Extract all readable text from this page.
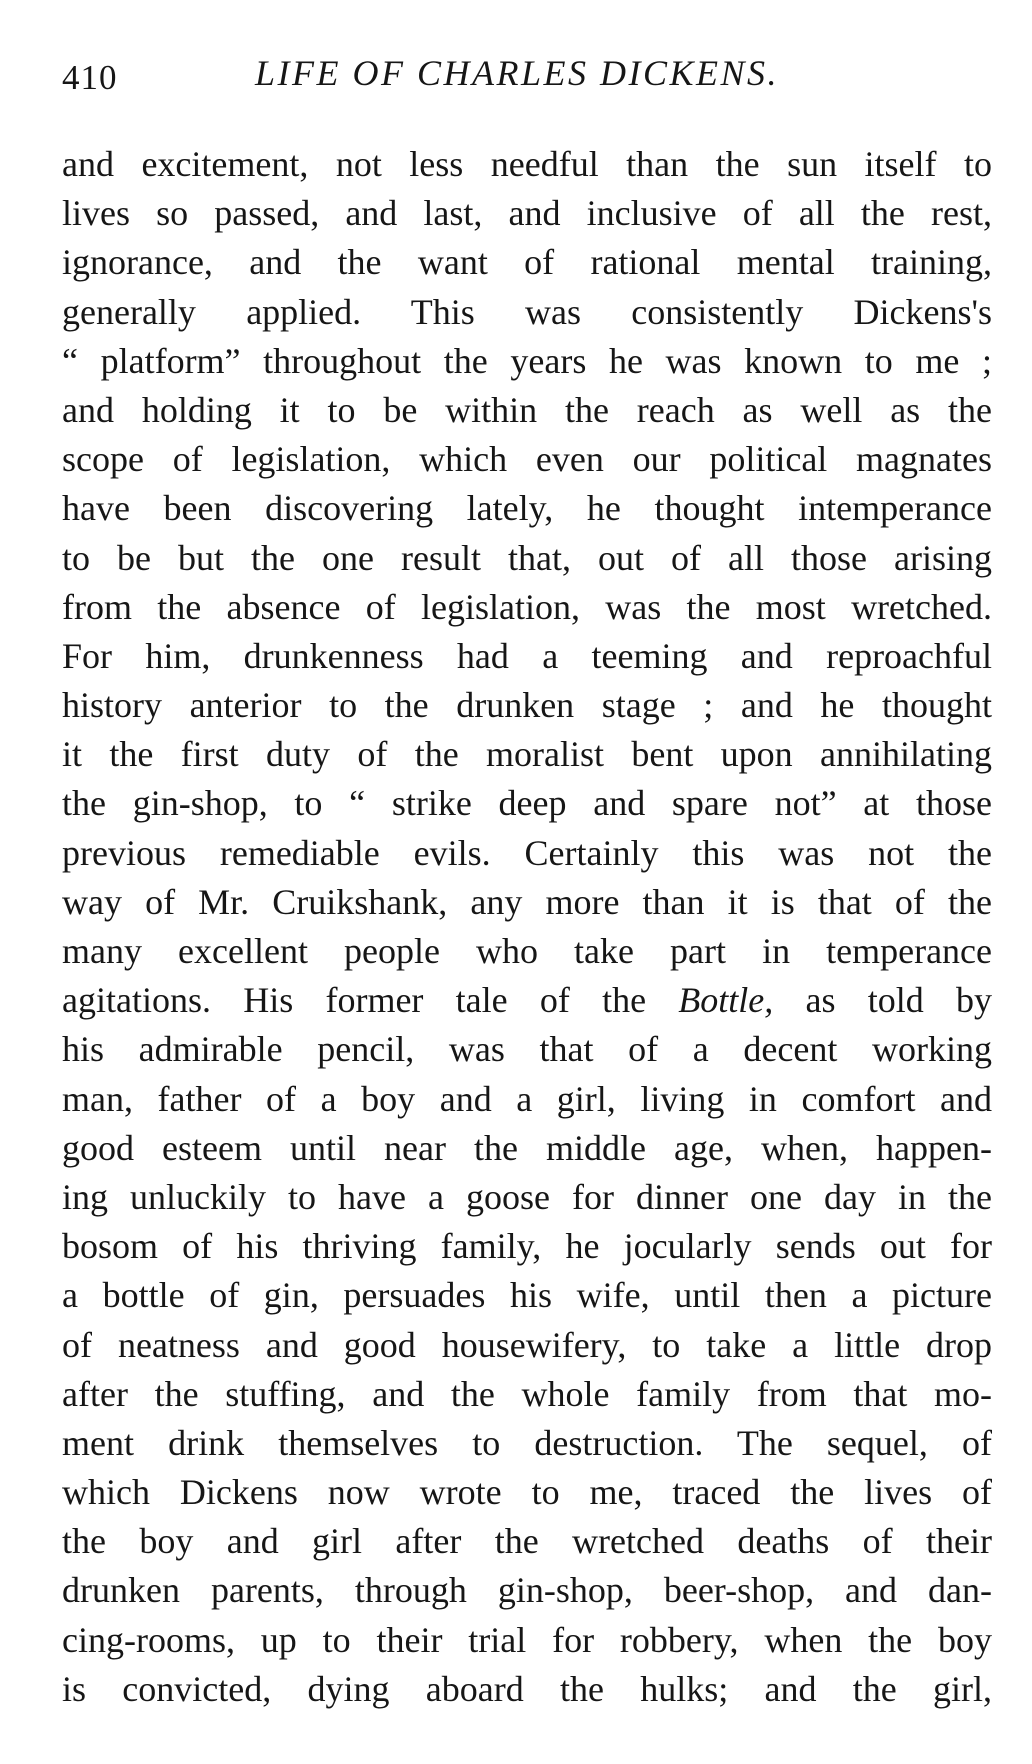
410	LIFE OF CHARLES DICKENS.
and excitement, not less needful than the sun itself to
lives so passed, and last, and inclusive of all the rest,
ignorance, and the want of rational mental training,
generally applied. This was consistently Dickens's
“ platform” throughout the years he was known to me ;
and holding it to be within the reach as well as the
scope of legislation, which even our political magnates
have been discovering lately, he thought intemperance
to be but the one result that, out of all those arising
from the absence of legislation, was the most wretched.
For him, drunkenness had a teeming and reproachful
history anterior to the drunken stage ; and he thought
it the first duty of the moralist bent upon annihilating
the gin-shop, to “ strike deep and spare not” at those
previous remediable evils. Certainly this was not the
way of Mr. Cruikshank, any more than it is that of the
many excellent people who take part in temperance
agitations. His former tale of the Bottle, as told by
his admirable pencil, was that of a decent working
man, father of a boy and a girl, living in comfort and
good esteem until near the middle age, when, happen-
ing unluckily to have a goose for dinner one day in the
bosom of his thriving family, he jocularly sends out for
a bottle of gin, persuades his wife, until then a picture
of neatness and good housewifery, to take a little drop
after the stuffing, and the whole family from that mo-
ment drink themselves to destruction. The sequel, of
which Dickens now wrote to me, traced the lives of
the boy and girl after the wretched deaths of their
drunken parents, through gin-shop, beer-shop, and dan-
cing-rooms, up to their trial for robbery, when the boy
is convicted, dying aboard the hulks; and the girl,
